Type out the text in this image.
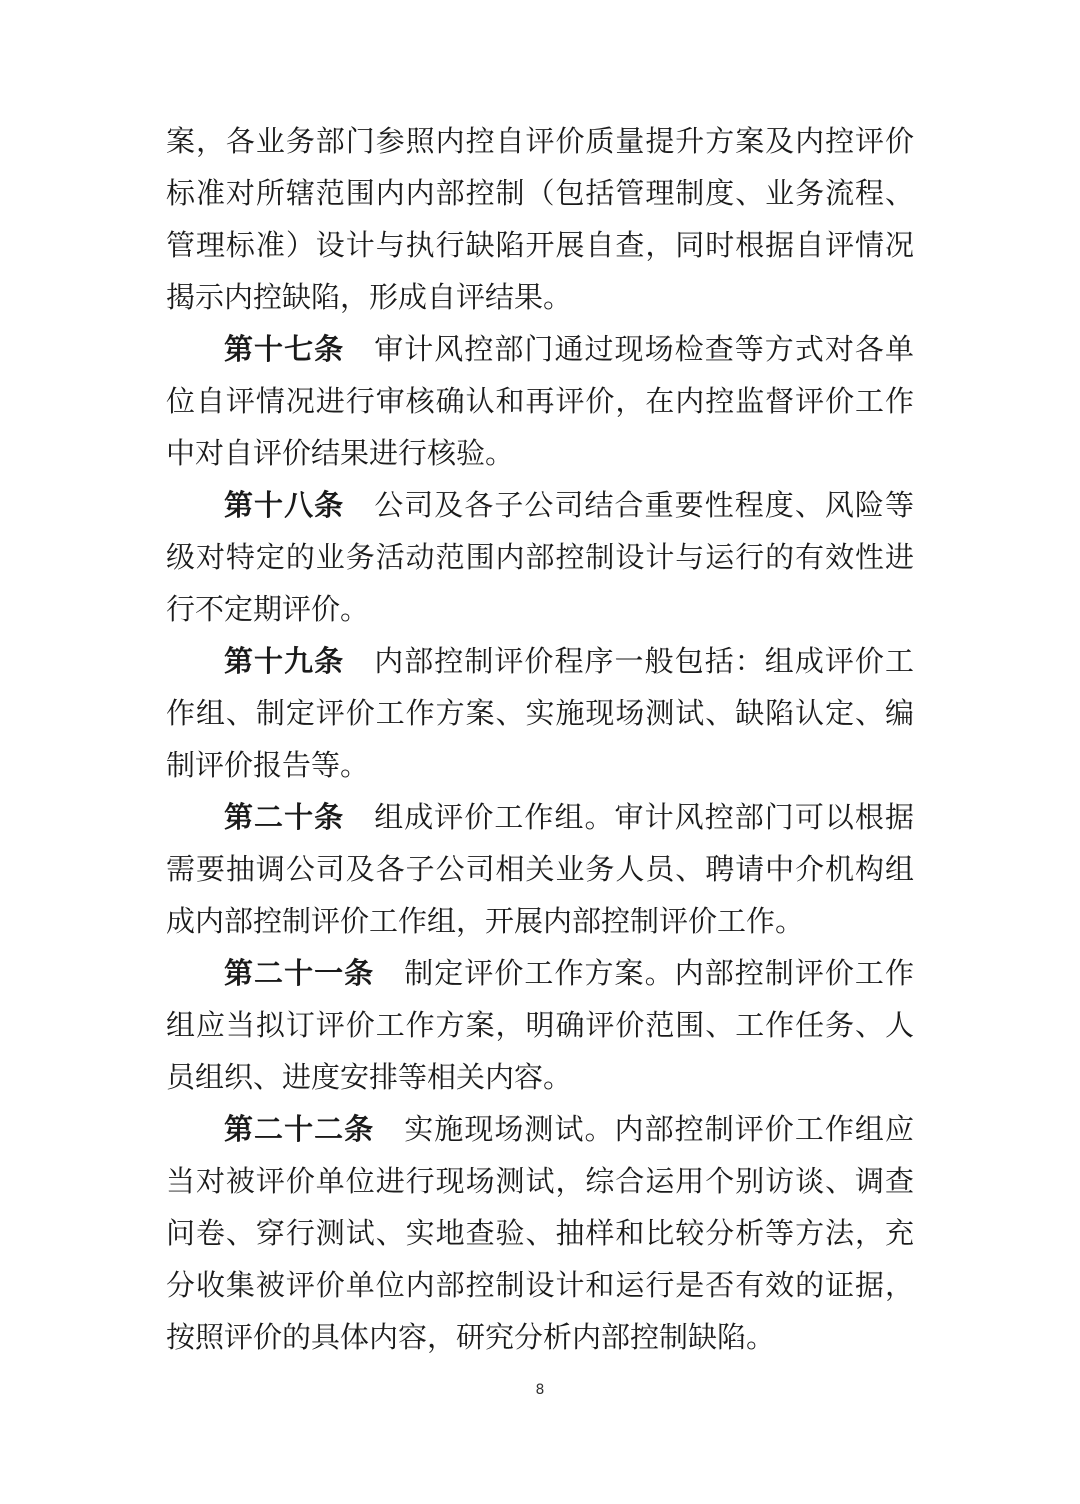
案，各业务部门参照内控自评价质量提升方案及内控评价
标准对所辖范围内内部控制（包括管理制度、业务流程、
管理标准）设计与执行缺陷开展自查，同时根据自评情况
揭示内控缺陷，形成自评结果。
第十七条 审计风控部门通过现场检查等方式对各单
位自评情况进行审核确认和再评价，在内控监督评价工作
中对自评价结果进行核验。
第十八条 公司及各子公司结合重要性程度、风险等
级对特定的业务活动范围内部控制设计与运行的有效性进
行不定期评价。
第十九条 内部控制评价程序一般包括：组成评价工
作组、制定评价工作方案、实施现场测试、缺陷认定、编
制评价报告等。
第二十条 组成评价工作组。审计风控部门可以根据
需要抽调公司及各子公司相关业务人员、聘请中介机构组
成内部控制评价工作组，开展内部控制评价工作。
第二十一条 制定评价工作方案。内部控制评价工作
组应当拟订评价工作方案，明确评价范围、工作任务、人
员组织、进度安排等相关内容。
第二十二条 实施现场测试。内部控制评价工作组应
当对被评价单位进行现场测试，综合运用个别访谈、调查
问卷、穿行测试、实地查验、抽样和比较分析等方法，充
分收集被评价单位内部控制设计和运行是否有效的证据，
按照评价的具体内容，研究分析内部控制缺陷。
8
